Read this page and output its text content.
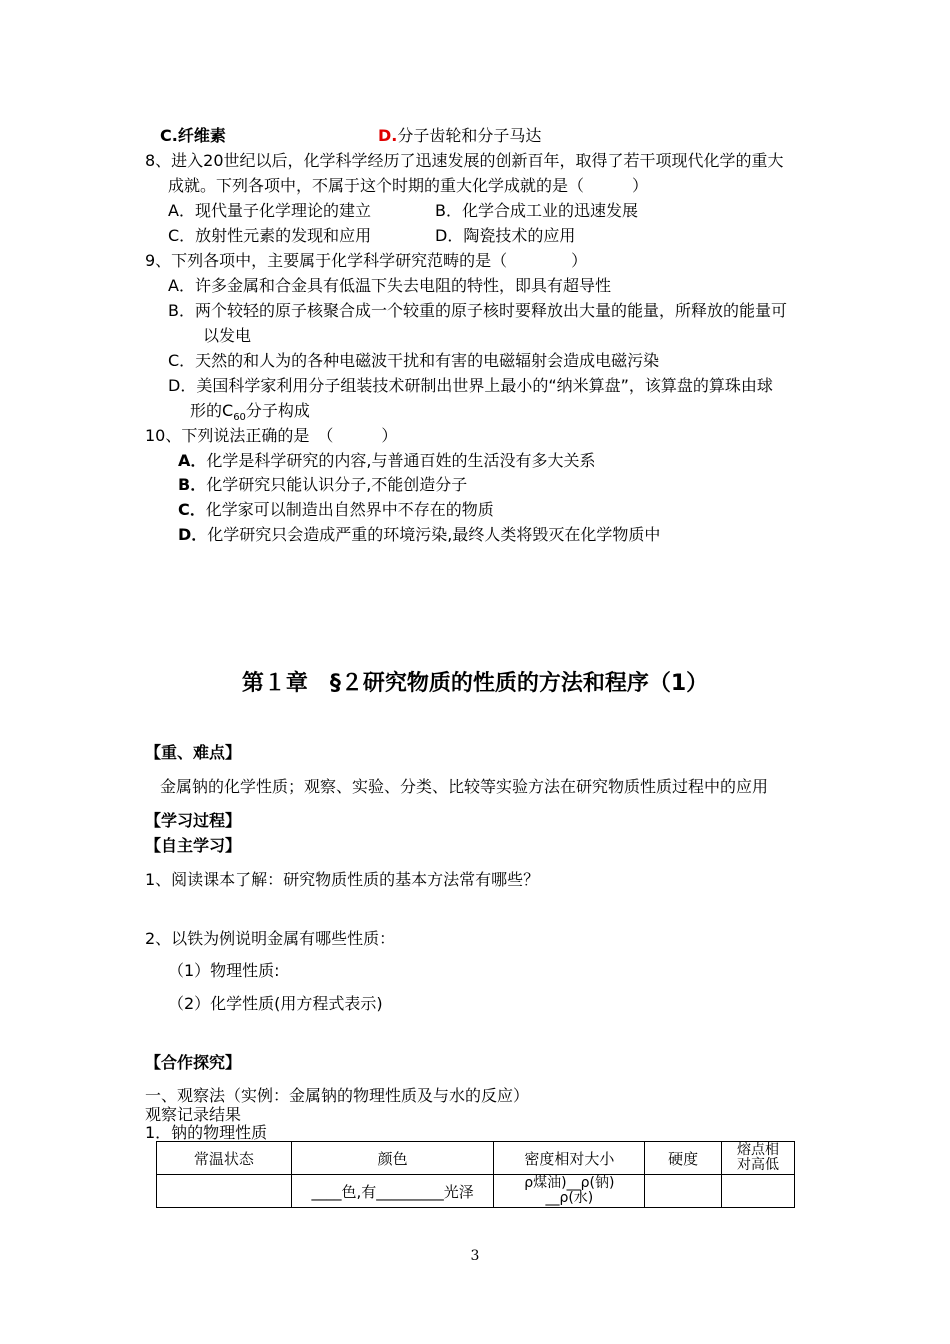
C.纤维素	D.分子齿轮和分子马达
8、进入20世纪以后，化学科学经历了迅速发展的创新百年，取得了若干项现代化学的重大
成就。下列各项中，不属于这个时期的重大化学成就的是（　　　）
A．现代量子化学理论的建立	B．化学合成工业的迅速发展
C．放射性元素的发现和应用	D．陶瓷技术的应用
9、下列各项中，主要属于化学科学研究范畴的是（　　　　）
A．许多金属和合金具有低温下失去电阻的特性，即具有超导性
B．两个较轻的原子核聚合成一个较重的原子核时要释放出大量的能量，所释放的能量可
以发电
C．天然的和人为的各种电磁波干扰和有害的电磁辐射会造成电磁污染
D．美国科学家利用分子组装技术研制出世界上最小的“纳米算盘”，该算盘的算珠由球
形的$C_{60}$分子构成
10、下列说法正确的是　（　　　）
A．化学是科学研究的内容,与普通百姓的生活没有多大关系
B．化学研究只能认识分子,不能创造分子
C．化学家可以制造出自然界中不存在的物质
D．化学研究只会造成严重的环境污染,最终人类将毁灭在化学物质中
第１章　§２研究物质的性质的方法和程序（1）
【重、难点】
金属钠的化学性质；观察、实验、分类、比较等实验方法在研究物质性质过程中的应用
【学习过程】
【自主学习】
1、阅读课本了解：研究物质性质的基本方法常有哪些？
2、以铁为例说明金属有哪些性质：
（1）物理性质:
（2）化学性质(用方程式表示)
【合作探究】
一、观察法（实例：金属钠的物理性质及与水的反应）
观察记录结果
1．钠的物理性质
常温状态	颜色	密度相对大小	硬度	熔点相
对高低

	____色,有_________光泽	ρ煤油)__ρ(钠)
__ρ(水)		

3
